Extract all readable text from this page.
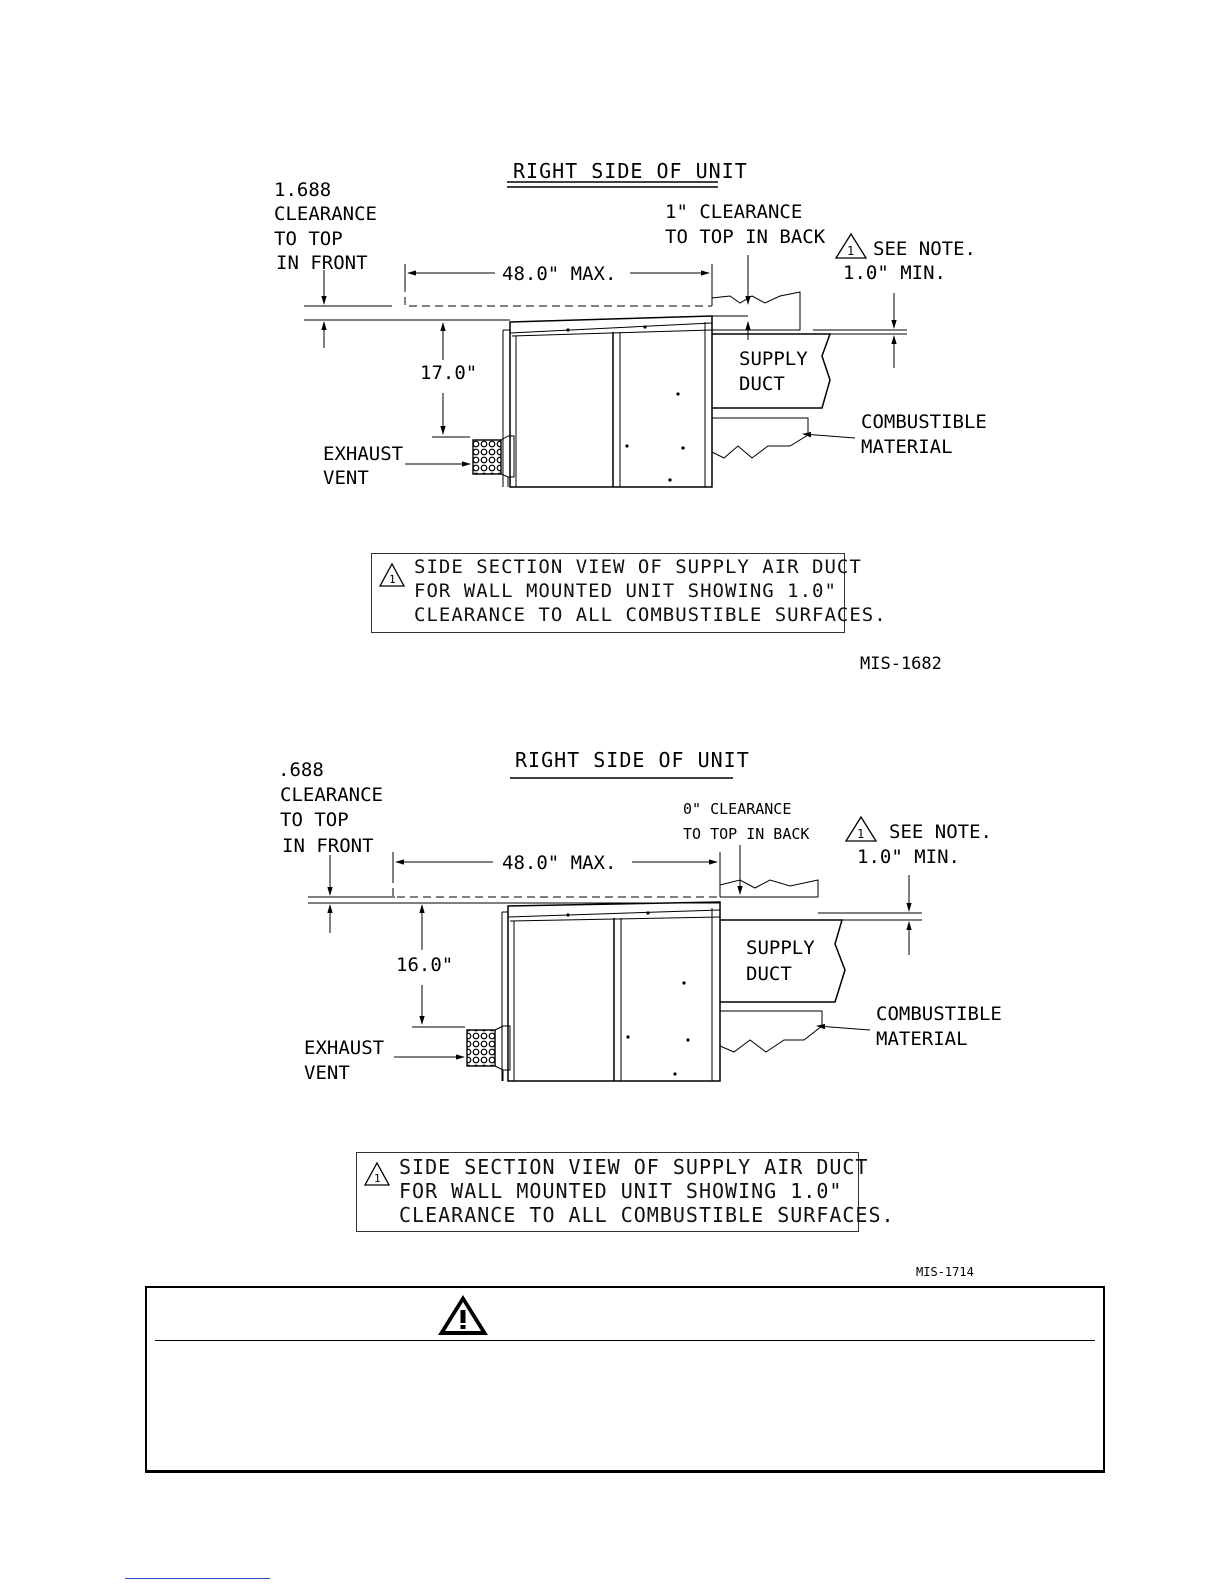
RIGHT SIDE OF UNIT
1.688
CLEARANCE
TO TOP
IN FRONT
1" CLEARANCE
TO TOP IN BACK
1 SEE NOTE.
1.0" MIN.
48.0" MAX.
17.0"
EXHAUST
VENT
SUPPLY
DUCT
COMBUSTIBLE
MATERIAL
MIS-1682
RIGHT SIDE OF UNIT
.688
CLEARANCE
TO TOP
IN FRONT
0" CLEARANCE
TO TOP IN BACK	1 SEE NOTE.
1.0" MIN.
48.0" MAX.
16.0"
EXHAUST
VENT
SUPPLY
DUCT
COMBUSTIBLE
MATERIAL
MIS-1714
1
SIDE SECTION VIEW OF SUPPLY AIR DUCT
FOR WALL MOUNTED UNIT SHOWING 1.0"
CLEARANCE TO ALL COMBUSTIBLE SURFACES.
1 SIDE SECTION VIEW OF SUPPLY AIR DUCT
FOR WALL MOUNTED UNIT SHOWING 1.0"
CLEARANCE TO ALL COMBUSTIBLE SURFACES.
